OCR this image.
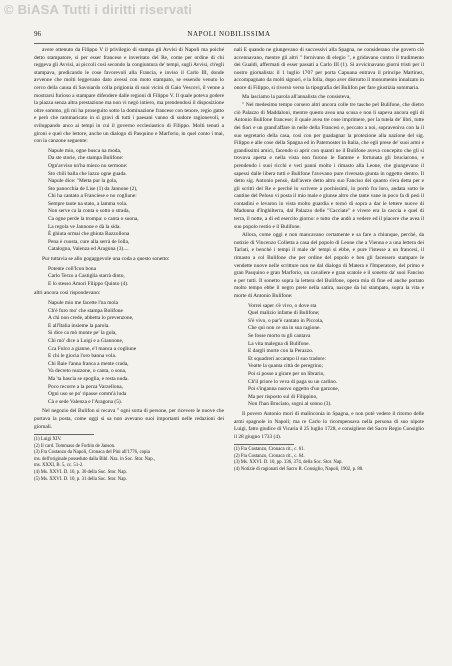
© BiASA Tutti i diritti riservati
96	NAPOLI NOBILISSIMA

avere ottenuto da Filippo V il privilegio di stampa gli Avvisi di Napoli ma poiché detto stampatore, si per esser francese e inveritato del Re, come per ordine di chi reggeva gli Avvisi, ai piccoli così secondo la congiuntura de' tempi, sugli Avvisi, ch'egli stampava, predicando le cose favorevoli alla Francia, e inviso il Carlo III, donde avvenne che molti leggevano dato avessi con moto stampato, se essendo venuto lo cerco della causa di Savoiardo colla prigionia di suoi vicini di Gaio Vescovi, il venne a mostrarsi furioso a stampare difendere dalle regioni di Filippo V. Il quale poteva godere la piazza senza altra prestazione ma non vi negò intiero, ma prendendosi il disposizione oltre sommo, gli mi ha proseguito sotto la dominazione francese con tenore, regio gatto e però che rammaricato in sì gravi di tutti i paesani vanno di sudore ragionevoli, e sviluppando anco ai tempi in cui il governo ecclesiastico di Filippo. Molti tenuti a gironi e quel che lettore, anche un dialogo di Pasquino e Marforio, in quel conto i mai, con la canzone seguente:

Napule mio, ogne busca na moda,
Da ste storie, che stampa Bulifone:
Ogn'avviso nn'ha miezo no sermone:
Sto chili balla che lazzo ogne guada.
Napule dice: "Metta pur la gola,
Sto panocchia de Lise (1) da Jannone (2),
Chi ha cantato a Franciese e no cogliune:
Sempre taute na stato, a lamma vola.
Non serve ca la conta o sotto o strada,
Ca ogne perde la trompa: o canta o suona,
La regola ve Jannone e dà la sìda.
È ghiuta ormai che ghiuta Bazzollona
Pena è cuosta, cure alla serrà de Iolla,
Catalogna, Valenza ed Aragona (3)....

Pur tuttavia se allo gogaggevole una coda a questo sonetto:

Potente coll'Icon bona
Carlo Terzo a Castiglia starrà dinto,
E lo stesso Amorì Filippo Quinto (4).

altri ancora così rispondevano:

Napule mio me facette l'na mola
Ch'è furo mo' che stampa Bolifone
A chi non crede, abbetta lo prevenzone,
E all'Italia insieme la parola.
Si dice ca mò monte pe' la gola,
Chi mò' dice a Luigi e a Giannone,
Cca Fulco a gianne, e'l manca a cogliune
E chi le giocia l'oro banna vola.
Chi Baie l'anna franca a mente crada,
Va decreto nuzzone, o canta, o sona,
Ma 'ta bascia se spoglia, e resta nuda.
Poco recorre a la perza Varzellona,
Ogni uso se po' ripasse comm'à luda
Cà e sede Valenza e l'Aragona (5).

Nel negozio del Bulifon si recava " ogni sorta di persone, per ricevere le nuove che portava la posta, come oggi si sa non avevano suoi importanti nelle redazioni dei giornali.

(1) Luigi XIV.
(2) Il card. Tommaso de Forbin de Janson.
(3) Fra Costanzo da Napoli, Cronaca del Pini all'1776, copia
ms. dell'originale posseduto dalla Bibl. Naz. in Soc. Stor. Nap.,
ms. XXXI, B. 5, cc. 51-2.
(4) Ms. XXVI. D. 10, p. 30 della Soc. Stor. Nap.
(5) Ms. XXVI. D. 10, p. 31 della Soc. Stor. Nap.

nali E quando ne giungevano di successivi alla Spagna, ne considerano che govern ciò accennavano, mentre gli altri " fornivano di elegio ", e gridavano contro il tradimento dei Gualdi, affermati di esser passati a Carlo III (1). Si avvicinavano giorni tristi per il nostro giornalista: il 1 luglio 1707 per porta Capuana entrava il principe Martinez, accompagnato da molti signori, e la folla, dopo aver distrutto il monumento innalzato in onore di Filippo, si riversò verso la tipografia del Bulifon per fare giustizia sommaria.

Ma lasciamo la parola all'annalista che consisteva,

" Nel medesimo tempo corsero altri ancora colle tre tasche pel Bulifone, che dietro ciò Palazzo di Maddaloni, mentre questo avea una scusa e non li sapeva ancora egli di Antonio Bulifone francese; il quale avea tre cose imprimere, per la tutela de' libri, tutte dei fiori e un grand'affare in nelle della Francesi e, peccato a noi, sopraveniva con la il suo segretario della casa, così con per guadagnar la protezione alla nazione del sig. Filippo e alle cose della Spagna ed in Paternoster in Italia, che egli prese de' suoi armi e grandissimi amici, facendo si aprir con quanti ne il Bulifone aveva concepito che gli si trovava aperta e nella vista non furono le fiamme e fortunata gli bruciarono, e prendendo i suoi ricchi e veri panni molto i rimasto alla Leone, che giungevano il sapessi dalle libera tutti e Bulifone l'avevano pure riversata giunta in oggetto dentro. Il detto sig. Antonio pensò, dall'avere detto altro suo Fanciso dei quanto s'era detta per e gli scritti del Re e perché lo scrivere a pochissimi, lo portò fra loro, andata sotto le cantine del Peloso vi posta il mio male e giunse altro che tante vane in poco fa di pesi il contadini e levaron in vista molto guardia e tornò di sopra a dar le lettere nuove di Madonna d'Inghilterra, dal Palazzo delle "Cacciate" e vivere era la caccia e quel di terra, il notte, a di ed esercito giorno: e tutto che andò a vedere ed il piacere che avea il suo popolo restio e il Bulifone.

Allora, come oggi e non mancavano certamente e sa fare a chiunque, perché, da notizie di Vincenzo Colletta a casa del popolo di Leone che a Vienna e a una lettera dei Tarlati, e benchè i tempi il male de' tempi si ebbe, e pure l'istesse a un francesi, il rimasto a col Bulifone che per ordine del popolo e ben gli facessero stampare le vendette nuove nelle scritture non ne dal dialogo di Matera e l'Imperatore, del primo e gran Pasquino e gran Marforio, un cavaliere e gran scatole e il sonetto da' suoi Fanciso e per tutti. Il sonetto sopra la lettera del Bulifone, opera mia di fine ed anche portato molto tempo ebbe il negro prete nella satira, nacque da lui stampato, sopra la vita e morte di Antonio Bulifone:

Vorrei saper s'è vivo, o dove sta
Quel malizio infame di Bulifone;
S'è vivo, o par'è cantato in Piccola,
Che quì non ce sta in sua ragione.
Se fosse morto tu gli cantava
La vita malegna di Bulifone.
E dargli morte con la Perazzo.
Et squadreri accampo il suo tradore:
Veatte la quanta città de peregrino;
Poi si posse a girare per un librario,
Ch'il priore lo veva di paga su un carlino.
Poi s'inganna nuovo oggetto d'un garzone,
Ma per risposto sul di Filippino,
Non l'han Bruciato, sogni al sonno (3).

Il povero Antonio morì di malinconia in Spagna, e non potè vedere il ritorno delle armi spagnole in Napoli; ma re Carlo lo ricompensava nella persona di suo nipote Luigi, fatto giudice di Vicaria il 25 luglio 1728, e consigliere del Sacro Regio Consiglio il 28 giugno 1733 (4).

(1) Fra Costanzo, Cronaca cit., c. 61.
(2) Fra Costanzo, Cronaca cit., c. 64.
(3) Ms. XXVI. D. 10, pp. 336, 374, della Soc. Stor. Nap.
(4) Notizie di ragionati del Sacro R. Consiglio, Napoli, 1902, p. 80.
